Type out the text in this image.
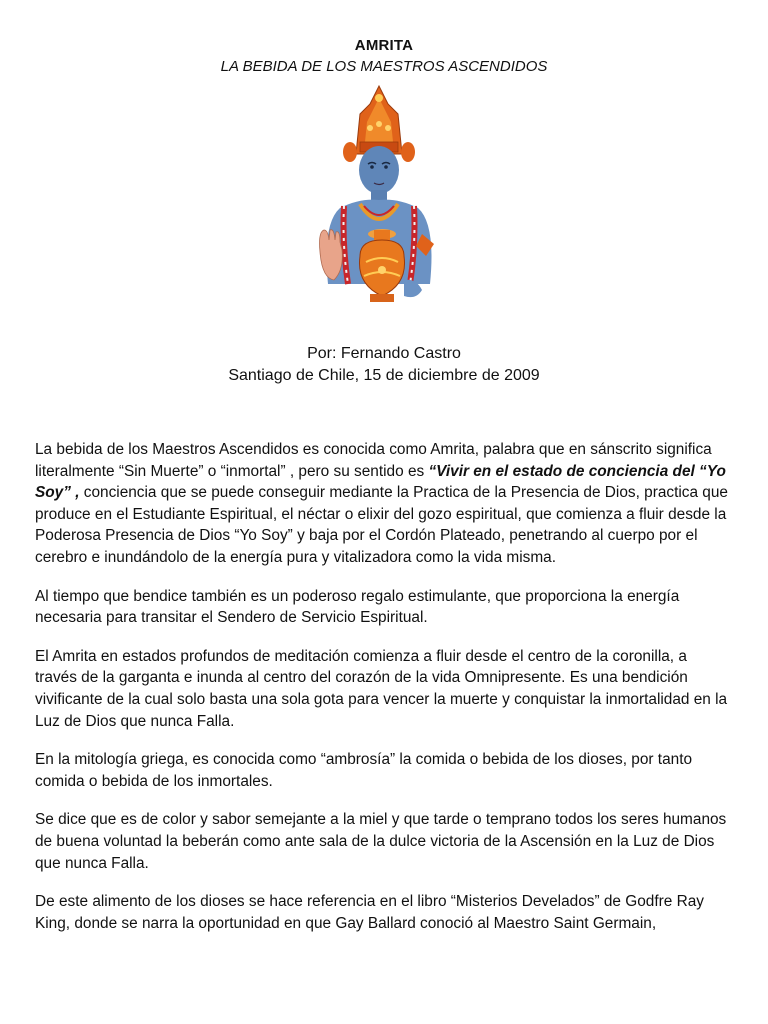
AMRITA
LA BEBIDA DE LOS MAESTROS ASCENDIDOS
Por: Fernando Castro
Santiago de Chile, 15 de diciembre de 2009

La bebida de los Maestros Ascendidos es conocida como Amrita, palabra que en sánscrito significa literalmente “Sin Muerte” o “inmortal” , pero su sentido es “Vivir en el estado de conciencia del “Yo Soy” , conciencia que se puede conseguir mediante la Practica de la Presencia de Dios, practica que produce en el Estudiante Espiritual, el néctar o elixir del gozo espiritual, que comienza a fluir desde la Poderosa Presencia de Dios “Yo Soy” y baja por el Cordón Plateado, penetrando al cuerpo por el cerebro e inundándolo de la energía pura y vitalizadora como la vida misma.

Al tiempo que bendice también es un poderoso regalo estimulante, que proporciona la energía necesaria para transitar el Sendero de Servicio Espiritual.

El Amrita en estados profundos de meditación comienza a fluir desde el centro de la coronilla, a través de la garganta e inunda al centro del corazón de la vida Omnipresente. Es una bendición vivificante de la cual solo basta una sola gota para vencer la muerte y conquistar la inmortalidad en la Luz de Dios que nunca Falla.

En la mitología griega, es conocida como “ambrosía” la comida o bebida de los dioses, por tanto comida o bebida de los inmortales.

Se dice que es de color y sabor semejante a la miel y que tarde o temprano todos los seres humanos de buena voluntad la beberán como ante sala de la dulce victoria de la Ascensión en la Luz de Dios que nunca Falla.

De este alimento de los dioses se hace referencia en el libro “Misterios Develados” de Godfre Ray King, donde se narra la oportunidad en que Gay Ballard conoció al Maestro Saint Germain,
